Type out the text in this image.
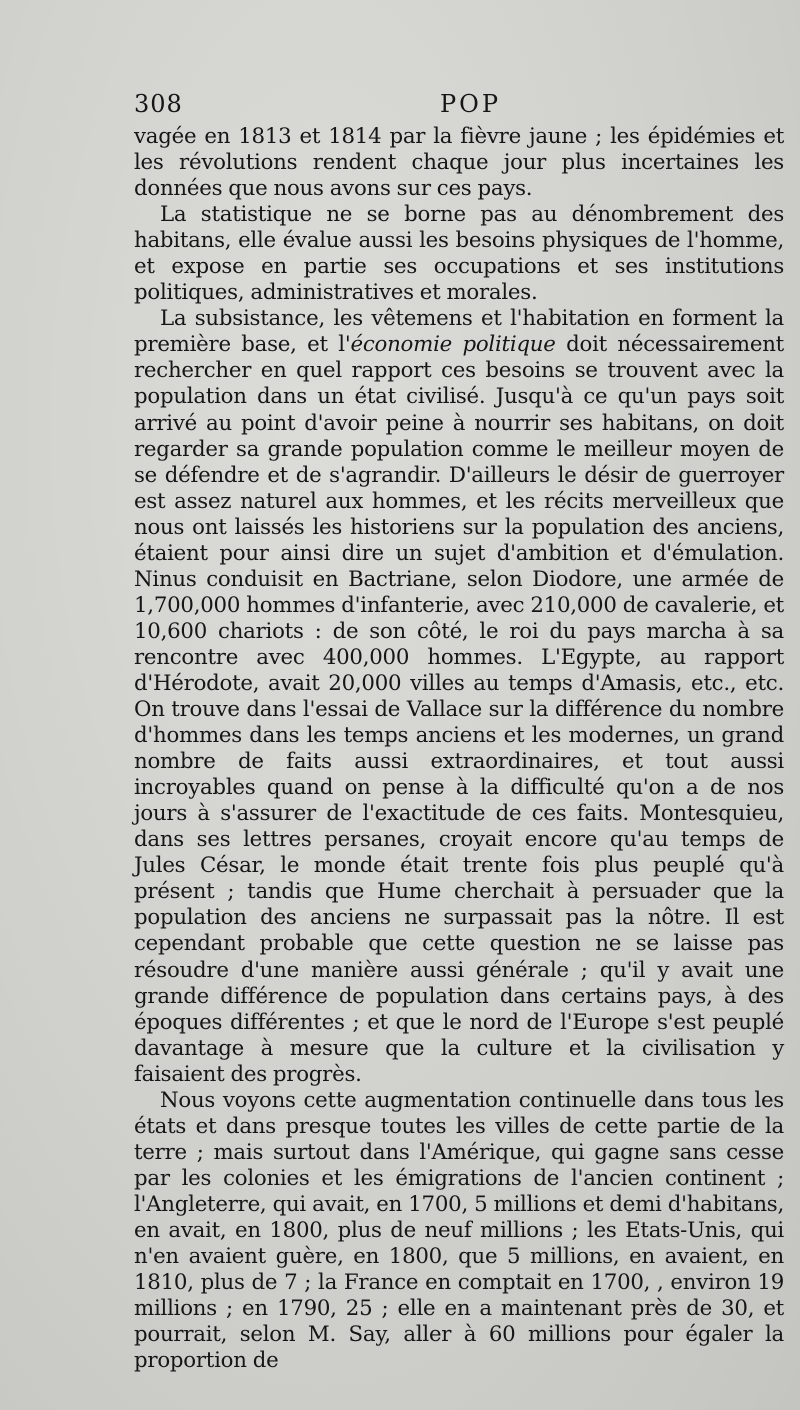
308	POP

vagée en 1813 et 1814 par la fièvre jaune ; les épidémies et les révolutions rendent chaque jour plus incertaines les données que nous avons sur ces pays.

La statistique ne se borne pas au dénombrement des habitans, elle évalue aussi les besoins physiques de l'homme, et expose en partie ses occupations et ses institutions politiques, administratives et morales.

La subsistance, les vêtemens et l'habitation en forment la première base, et l'économie politique doit nécessairement rechercher en quel rapport ces besoins se trouvent avec la population dans un état civilisé. Jusqu'à ce qu'un pays soit arrivé au point d'avoir peine à nourrir ses habitans, on doit regarder sa grande population comme le meilleur moyen de se défendre et de s'agrandir. D'ailleurs le désir de guerroyer est assez naturel aux hommes, et les récits merveilleux que nous ont laissés les historiens sur la population des anciens, étaient pour ainsi dire un sujet d'ambition et d'émulation. Ninus conduisit en Bactriane, selon Diodore, une armée de 1,700,000 hommes d'infanterie, avec 210,000 de cavalerie, et 10,600 chariots : de son côté, le roi du pays marcha à sa rencontre avec 400,000 hommes. L'Egypte, au rapport d'Hérodote, avait 20,000 villes au temps d'Amasis, etc., etc. On trouve dans l'essai de Vallace sur la différence du nombre d'hommes dans les temps anciens et les modernes, un grand nombre de faits aussi extraordinaires, et tout aussi incroyables quand on pense à la difficulté qu'on a de nos jours à s'assurer de l'exactitude de ces faits. Montesquieu, dans ses lettres persanes, croyait encore qu'au temps de Jules César, le monde était trente fois plus peuplé qu'à présent ; tandis que Hume cherchait à persuader que la population des anciens ne surpassait pas la nôtre. Il est cependant probable que cette question ne se laisse pas résoudre d'une manière aussi générale ; qu'il y avait une grande différence de population dans certains pays, à des époques différentes ; et que le nord de l'Europe s'est peuplé davantage à mesure que la culture et la civilisation y faisaient des progrès.

Nous voyons cette augmentation continuelle dans tous les états et dans presque toutes les villes de cette partie de la terre ; mais surtout dans l'Amérique, qui gagne sans cesse par les colonies et les émigrations de l'ancien continent ; l'Angleterre, qui avait, en 1700, 5 millions et demi d'habitans, en avait, en 1800, plus de neuf millions ; les Etats-Unis, qui n'en avaient guère, en 1800, que 5 millions, en avaient, en 1810, plus de 7 ; la France en comptait en 1700, , environ 19 millions ; en 1790, 25 ; elle en a maintenant près de 30, et pourrait, selon M. Say, aller à 60 millions pour égaler la proportion de
